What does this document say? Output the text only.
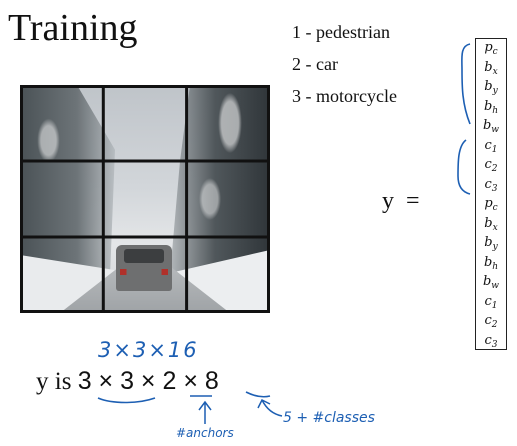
Training	1 - pedestrian
2 - car
3 - motorcycle
y  =
$p_c$
$b_x$
$b_y$
$b_h$
$b_w$
$c_1$
$c_2$
$c_3$
$p_c$
$b_x$
$b_y$
$b_h$
$b_w$
$c_1$
$c_2$
$c_3$
y is 3 × 3 × 2 × 8
3×3×16
#anchors
5 + #classes
